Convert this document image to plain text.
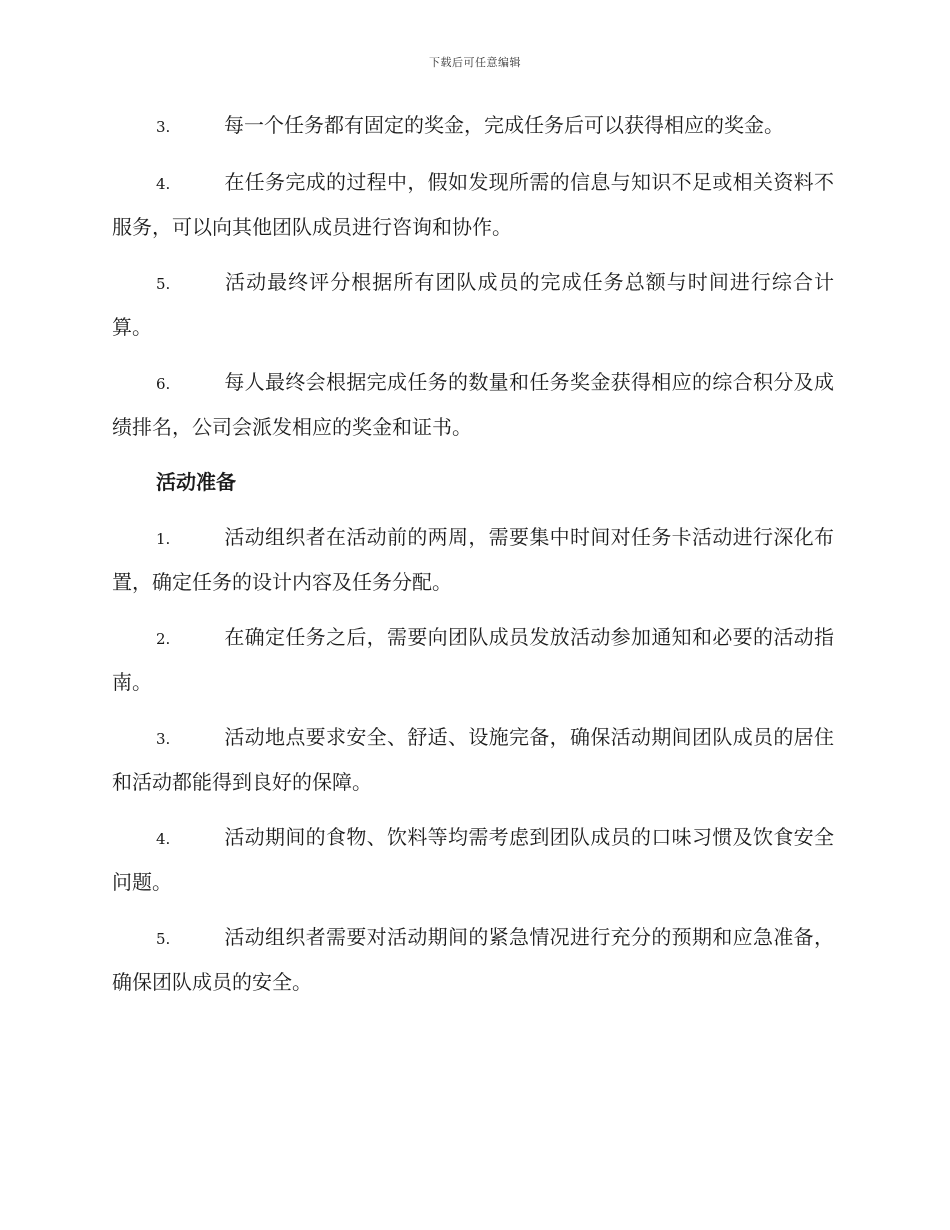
下载后可任意编辑

3.	每一个任务都有固定的奖金，完成任务后可以获得相应的奖金。

4.	在任务完成的过程中，假如发现所需的信息与知识不足或相关资料不服务，可以向其他团队成员进行咨询和协作。

5.	活动最终评分根据所有团队成员的完成任务总额与时间进行综合计算。

6.	每人最终会根据完成任务的数量和任务奖金获得相应的综合积分及成绩排名，公司会派发相应的奖金和证书。

活动准备

1.	活动组织者在活动前的两周，需要集中时间对任务卡活动进行深化布置，确定任务的设计内容及任务分配。

2.	在确定任务之后，需要向团队成员发放活动参加通知和必要的活动指南。

3.	活动地点要求安全、舒适、设施完备，确保活动期间团队成员的居住和活动都能得到良好的保障。

4.	活动期间的食物、饮料等均需考虑到团队成员的口味习惯及饮食安全问题。

5.	活动组织者需要对活动期间的紧急情况进行充分的预期和应急准备，确保团队成员的安全。
